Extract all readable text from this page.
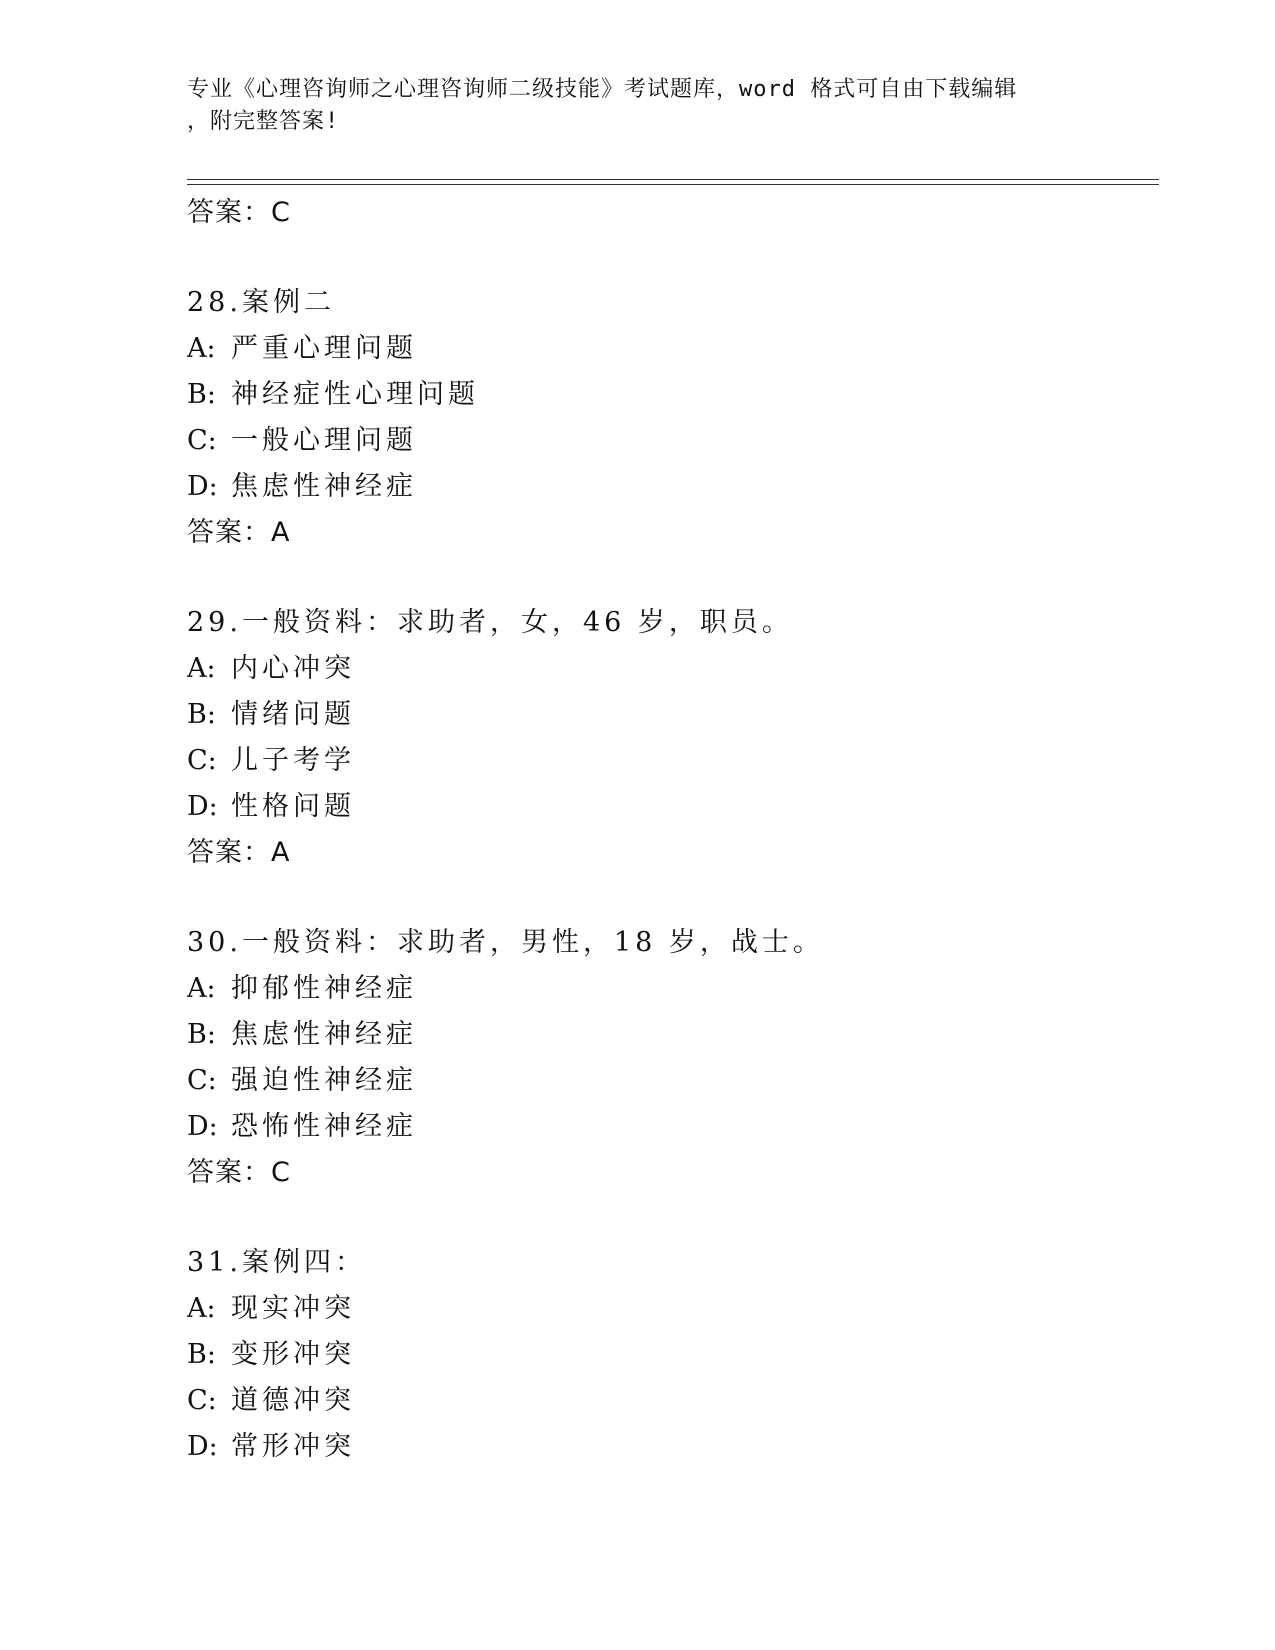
专业《心理咨询师之心理咨询师二级技能》考试题库，word 格式可自由下载编辑
，附完整答案!
答案：C
28.案例二
A: 严重心理问题
B: 神经症性心理问题
C: 一般心理问题
D: 焦虑性神经症
答案：A
29.一般资料：求助者，女，46 岁，职员。
A: 内心冲突
B: 情绪问题
C: 儿子考学
D: 性格问题
答案：A
30.一般资料：求助者，男性，18 岁，战士。
A: 抑郁性神经症
B: 焦虑性神经症
C: 强迫性神经症
D: 恐怖性神经症
答案：C
31.案例四：
A: 现实冲突
B: 变形冲突
C: 道德冲突
D: 常形冲突
